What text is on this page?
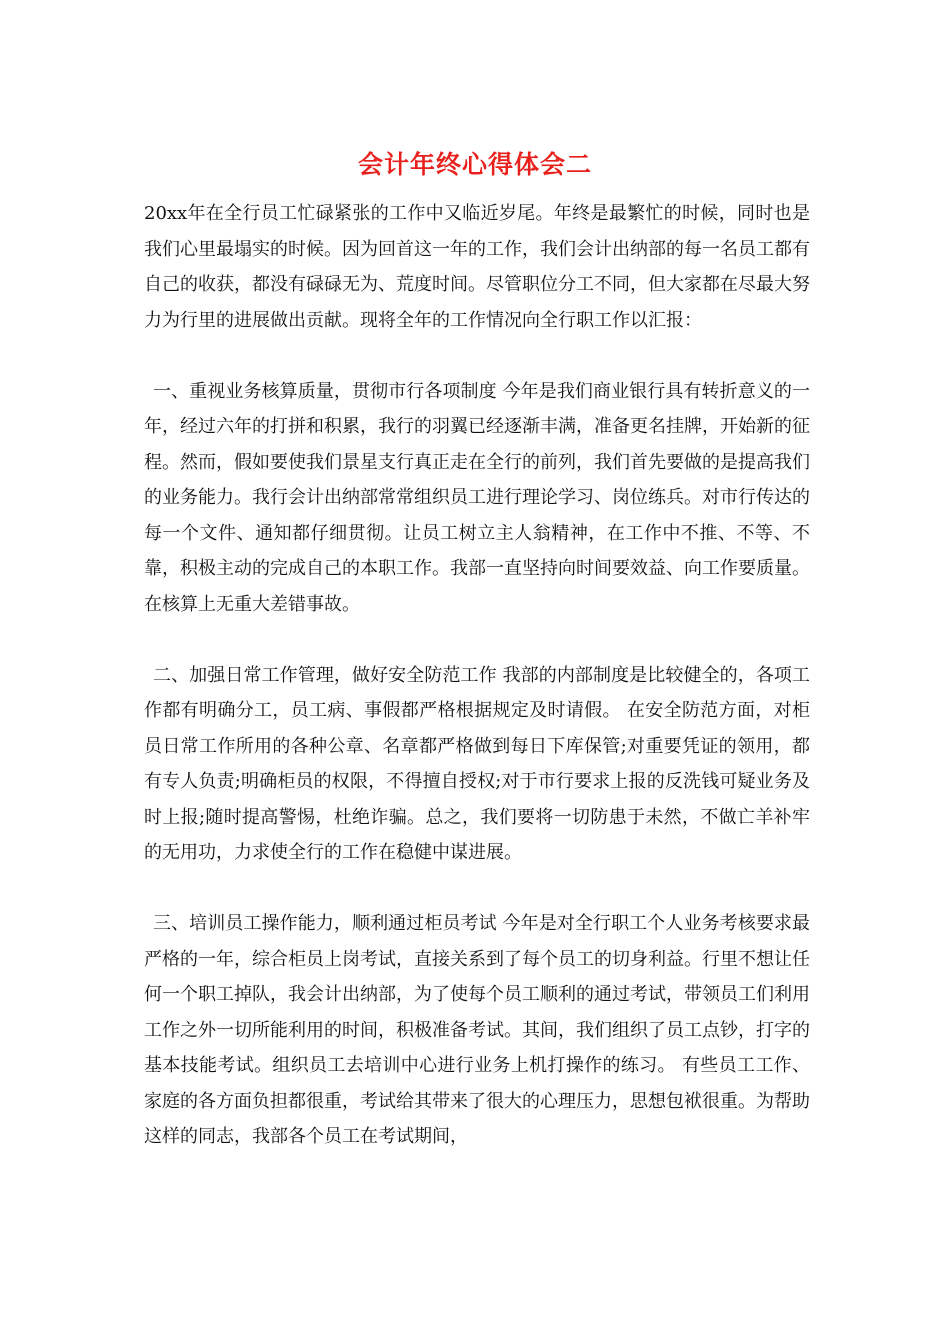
会计年终心得体会二

20xx年在全行员工忙碌紧张的工作中又临近岁尾。年终是最繁忙的时候，同时也是我们心里最塌实的时候。因为回首这一年的工作，我们会计出纳部的每一名员工都有自己的收获，都没有碌碌无为、荒度时间。尽管职位分工不同，但大家都在尽最大努力为行里的进展做出贡献。现将全年的工作情况向全行职工作以汇报：

一、重视业务核算质量，贯彻市行各项制度 今年是我们商业银行具有转折意义的一年，经过六年的打拼和积累，我行的羽翼已经逐渐丰满，准备更名挂牌，开始新的征程。然而，假如要使我们景星支行真正走在全行的前列，我们首先要做的是提高我们的业务能力。我行会计出纳部常常组织员工进行理论学习、岗位练兵。对市行传达的每一个文件、通知都仔细贯彻。让员工树立主人翁精神，在工作中不推、不等、不靠，积极主动的完成自己的本职工作。我部一直坚持向时间要效益、向工作要质量。在核算上无重大差错事故。

二、加强日常工作管理，做好安全防范工作 我部的内部制度是比较健全的，各项工作都有明确分工，员工病、事假都严格根据规定及时请假。 在安全防范方面，对柜员日常工作所用的各种公章、名章都严格做到每日下库保管;对重要凭证的领用，都有专人负责;明确柜员的权限，不得擅自授权;对于市行要求上报的反洗钱可疑业务及时上报;随时提高警惕，杜绝诈骗。总之，我们要将一切防患于未然，不做亡羊补牢的无用功，力求使全行的工作在稳健中谋进展。

三、培训员工操作能力，顺利通过柜员考试 今年是对全行职工个人业务考核要求最严格的一年，综合柜员上岗考试，直接关系到了每个员工的切身利益。行里不想让任何一个职工掉队，我会计出纳部，为了使每个员工顺利的通过考试，带领员工们利用工作之外一切所能利用的时间，积极准备考试。其间，我们组织了员工点钞，打字的基本技能考试。组织员工去培训中心进行业务上机打操作的练习。 有些员工工作、家庭的各方面负担都很重，考试给其带来了很大的心理压力，思想包袱很重。为帮助这样的同志，我部各个员工在考试期间，
